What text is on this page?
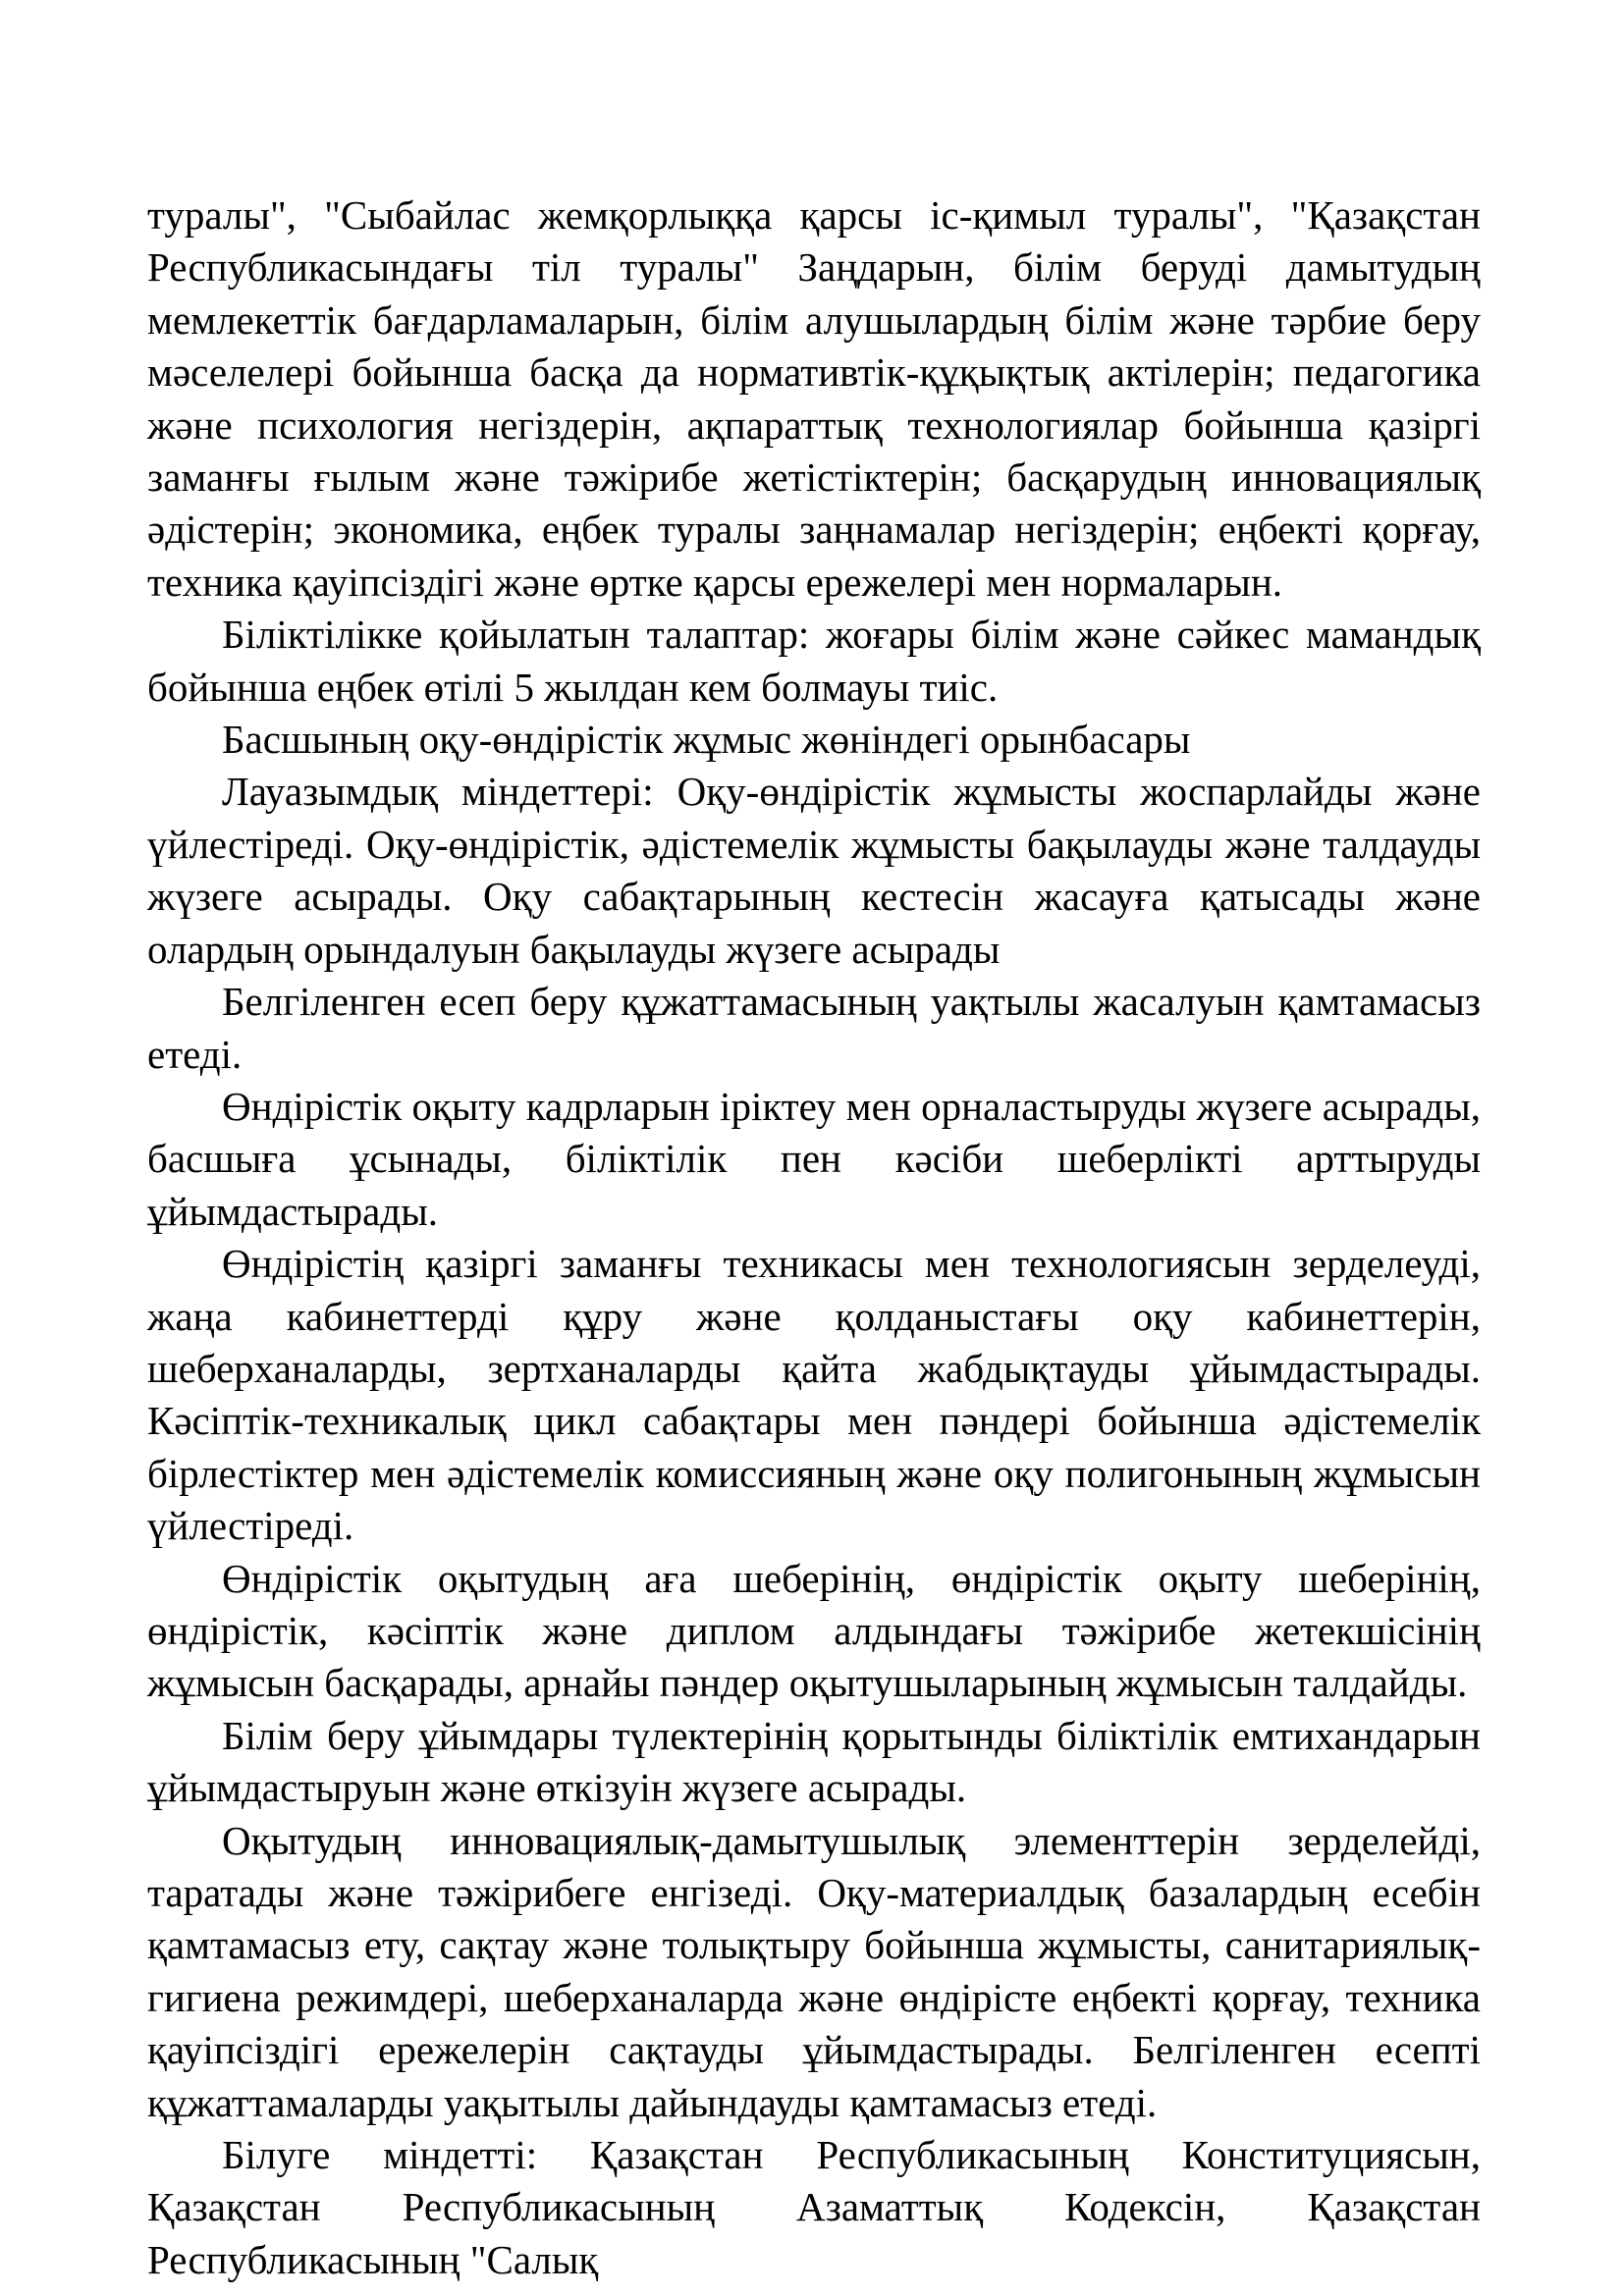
туралы", "Сыбайлас жемқорлыққа қарсы іс-қимыл туралы", "Қазақстан Республикасындағы тіл туралы" Заңдарын, білім беруді дамытудың мемлекеттік бағдарламаларын, білім алушылардың білім және тәрбие беру мәселелері бойынша басқа да нормативтік-құқықтық актілерін; педагогика және психология негіздерін, ақпараттық технологиялар бойынша қазіргі заманғы ғылым және тәжірибе жетістіктерін; басқарудың инновациялық әдістерін; экономика, еңбек туралы заңнамалар негіздерін; еңбекті қорғау, техника қауіпсіздігі және өртке қарсы ережелері мен нормаларын.

Біліктілікке қойылатын талаптар: жоғары білім және сәйкес мамандық бойынша еңбек өтілі 5 жылдан кем болмауы тиіс.

Басшының оқу-өндірістік жұмыс жөніндегі орынбасары

Лауазымдық міндеттері: Оқу-өндірістік жұмысты жоспарлайды және үйлестіреді. Оқу-өндірістік, әдістемелік жұмысты бақылауды және талдауды жүзеге асырады. Оқу сабақтарының кестесін жасауға қатысады және олардың орындалуын бақылауды жүзеге асырады

Белгіленген есеп беру құжаттамасының уақтылы жасалуын қамтамасыз етеді.

Өндірістік оқыту кадрларын іріктеу мен орналастыруды жүзеге асырады, басшыға ұсынады, біліктілік пен кәсіби шеберлікті арттыруды ұйымдастырады.

Өндірістің қазіргі заманғы техникасы мен технологиясын зерделеуді, жаңа кабинеттерді құру және қолданыстағы оқу кабинеттерін, шеберханаларды, зертханаларды қайта жабдықтауды ұйымдастырады. Кәсіптік-техникалық цикл сабақтары мен пәндері бойынша әдістемелік бірлестіктер мен әдістемелік комиссияның және оқу полигонының жұмысын үйлестіреді.

Өндірістік оқытудың аға шеберінің, өндірістік оқыту шеберінің, өндірістік, кәсіптік және диплом алдындағы тәжірибе жетекшісінің жұмысын басқарады, арнайы пәндер оқытушыларының жұмысын талдайды.

Білім беру ұйымдары түлектерінің қорытынды біліктілік емтихандарын ұйымдастыруын және өткізуін жүзеге асырады.

Оқытудың инновациялық-дамытушылық элементтерін зерделейді, таратады және тәжірибеге енгізеді. Оқу-материалдық базалардың есебін қамтамасыз ету, сақтау және толықтыру бойынша жұмысты, санитариялық-гигиена режимдері, шеберханаларда және өндірісте еңбекті қорғау, техника қауіпсіздігі ережелерін сақтауды ұйымдастырады. Белгіленген есепті құжаттамаларды уақытылы дайындауды қамтамасыз етеді.

Білуге міндетті: Қазақстан Республикасының Конституциясын, Қазақстан Республикасының Азаматтық Кодексін, Қазақстан Республикасының "Салық
